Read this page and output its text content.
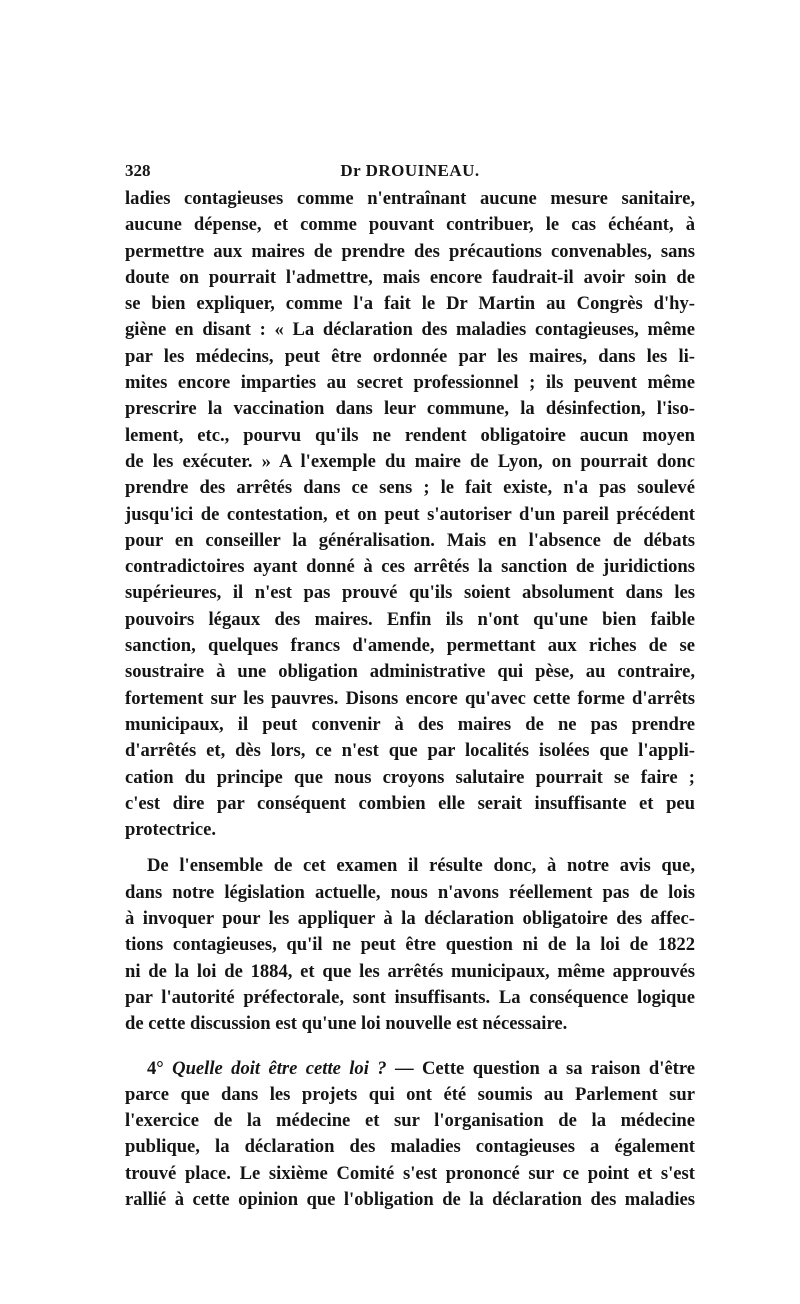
328	Dr DROUINEAU.
ladies contagieuses comme n'entraînant aucune mesure sanitaire,
aucune dépense, et comme pouvant contribuer, le cas échéant, à
permettre aux maires de prendre des précautions convenables, sans
doute on pourrait l'admettre, mais encore faudrait-il avoir soin de
se bien expliquer, comme l'a fait le Dr Martin au Congrès d'hy-
giène en disant : « La déclaration des maladies contagieuses, même
par les médecins, peut être ordonnée par les maires, dans les li-
mites encore imparties au secret professionnel ; ils peuvent même
prescrire la vaccination dans leur commune, la désinfection, l'iso-
lement, etc., pourvu qu'ils ne rendent obligatoire aucun moyen
de les exécuter. » A l'exemple du maire de Lyon, on pourrait donc
prendre des arrêtés dans ce sens ; le fait existe, n'a pas soulevé
jusqu'ici de contestation, et on peut s'autoriser d'un pareil précédent
pour en conseiller la généralisation. Mais en l'absence de débats
contradictoires ayant donné à ces arrêtés la sanction de juridictions
supérieures, il n'est pas prouvé qu'ils soient absolument dans les
pouvoirs légaux des maires. Enfin ils n'ont qu'une bien faible
sanction, quelques francs d'amende, permettant aux riches de se
soustraire à une obligation administrative qui pèse, au contraire,
fortement sur les pauvres. Disons encore qu'avec cette forme d'arrêts
municipaux, il peut convenir à des maires de ne pas prendre
d'arrêtés et, dès lors, ce n'est que par localités isolées que l'appli-
cation du principe que nous croyons salutaire pourrait se faire ;
c'est dire par conséquent combien elle serait insuffisante et peu
protectrice.
De l'ensemble de cet examen il résulte donc, à notre avis que,
dans notre législation actuelle, nous n'avons réellement pas de lois
à invoquer pour les appliquer à la déclaration obligatoire des affec-
tions contagieuses, qu'il ne peut être question ni de la loi de 1822
ni de la loi de 1884, et que les arrêtés municipaux, même approuvés
par l'autorité préfectorale, sont insuffisants. La conséquence logique
de cette discussion est qu'une loi nouvelle est nécessaire.
4° Quelle doit être cette loi ? — Cette question a sa raison d'être
parce que dans les projets qui ont été soumis au Parlement sur
l'exercice de la médecine et sur l'organisation de la médecine
publique, la déclaration des maladies contagieuses a également
trouvé place. Le sixième Comité s'est prononcé sur ce point et s'est
rallié à cette opinion que l'obligation de la déclaration des maladies
